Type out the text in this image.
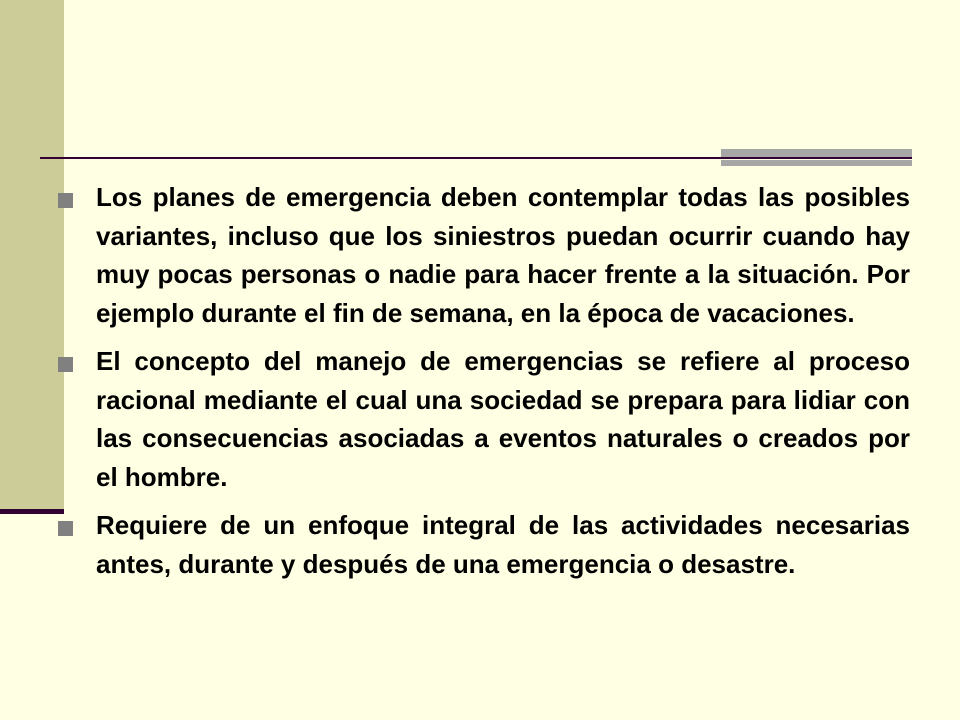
Los planes de emergencia deben contemplar todas las posibles variantes, incluso que los siniestros puedan ocurrir cuando hay muy pocas personas o nadie para hacer frente a la situación. Por ejemplo durante el fin de semana, en la época de vacaciones.
El concepto del manejo de emergencias se refiere al proceso racional mediante el cual una sociedad se prepara para lidiar con las consecuencias asociadas a eventos naturales o creados por el hombre.
Requiere de un enfoque integral de las actividades necesarias antes, durante y después de una emergencia o desastre.
